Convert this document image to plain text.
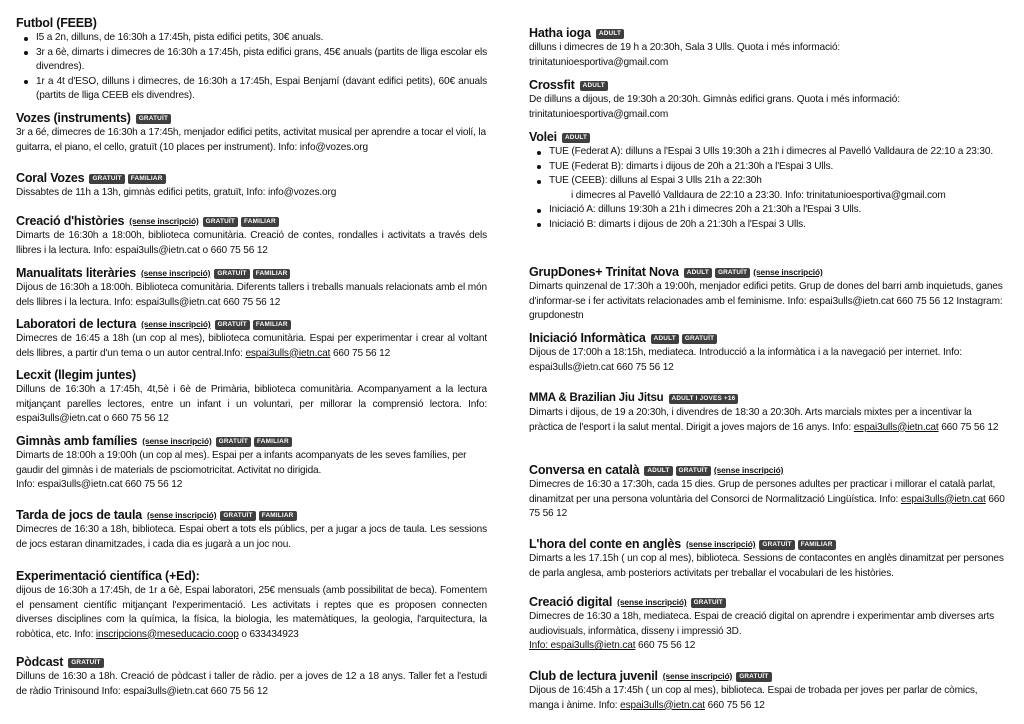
Futbol (FEEB)
I5 a 2n, dilluns, de 16:30h a 17:45h, pista edifici petits, 30€ anuals.
3r a 6è, dimarts i dimecres de 16:30h a 17:45h, pista edifici grans, 45€ anuals (partits de lliga escolar els divendres).
1r a 4t d'ESO, dilluns i dimecres, de 16:30h a 17:45h, Espai Benjamí (davant edifici petits), 60€ anuals (partits de lliga CEEB els divendres).
Vozes (instruments)	GRATUÏT
3r a 6é, dimecres de 16:30h a 17:45h, menjador edifici petits, activitat musical per aprendre a tocar el violí, la guitarra, el piano, el cello, gratuït (10 places per instrument). Info: info@vozes.org
Coral Vozes	GRATUÏT	FAMILIAR
Dissabtes de 11h a 13h, gimnàs edifici petits, gratuït, Info: info@vozes.org
Creació d'històries (sense inscripció)	GRATUÏT	FAMILIAR
Dimarts de 16:30h a 18:00h, biblioteca comunitària. Creació de contes, rondalles i activitats a través dels llibres i la lectura. Info: espai3ulls@ietn.cat o 660 75 56 12
Manualitats literàries (sense inscripció)	GRATUÏT	FAMILIAR
Dijous de 16:30h a 18:00h. Biblioteca comunitària. Diferents tallers i treballs manuals relacionats amb el món dels llibres i la lectura. Info: espai3ulls@ietn.cat 660 75 56 12
Laboratori de lectura (sense inscripció)	GRATUÏT	FAMILIAR
Dimecres de 16:45 a 18h (un cop al mes), biblioteca comunitària. Espai per experimentar i crear al voltant dels llibres, a partir d'un tema o un autor central.Info: espai3ulls@ietn.cat 660 75 56 12
Lecxit (llegim juntes)
Dilluns de 16:30h a 17:45h, 4t,5è i 6è de Primària, biblioteca comunitària. Acompanyament a la lectura mitjançant parelles lectores, entre un infant i un voluntari, per millorar la comprensió lectora. Info: espai3ulls@ietn.cat o 660 75 56 12
Gimnàs amb famílies (sense inscripció)	GRATUÏT	FAMILIAR
Dimarts de 18:00h a 19:00h (un cop al mes). Espai per a infants acompanyats de les seves famílies, per gaudir del gimnàs i de materials de psciomotricitat. Activitat no dirigida.
Info: espai3ulls@ietn.cat 660 75 56 12
Tarda de jocs de taula (sense inscripció)	GRATUÏT	FAMILIAR
Dimecres de 16:30 a 18h, biblioteca. Espai obert a tots els públics, per a jugar a jocs de taula. Les sessions de jocs estaran dinamitzades, i cada dia es jugarà a un joc nou.
Experimentació científica (+Ed):
dijous de 16:30h a 17:45h, de 1r a 6è, Espai laboratori, 25€ mensuals (amb possibilitat de beca). Fomentem el pensament científic mitjançant l'experimentació. Les activitats i reptes que es proposen connecten diverses disciplines com la química, la física, la biologia, les matemàtiques, la geologia, l'arquitectura, la robòtica, etc. Info: inscripcions@meseducacio.coop o 633434923
Pòdcast	GRATUÏT
Dilluns de 16:30 a 18h. Creació de pòdcast i taller de ràdio. per a joves de 12 a 18 anys. Taller fet a l'estudi de ràdio Trinisound Info: espai3ulls@ietn.cat 660 75 56 12
Hatha ioga	ADULT
dilluns i dimecres de 19 h a 20:30h, Sala 3 Ulls. Quota i més informació:
trinitatunioesportiva@gmail.com
Crossfit	ADULT
De dilluns a dijous, de 19:30h a 20:30h. Gimnàs edifici grans. Quota i més informació:
trinitatunioesportiva@gmail.com
Volei	ADULT
TUE (Federat A): dilluns a l'Espai 3 Ulls 19:30h a 21h i dimecres al Pavelló Valldaura de 22:10 a 23:30.
TUE (Federat B): dimarts i dijous de 20h a 21:30h a l'Espai 3 Ulls.
TUE (CEEB): dilluns al Espai 3 Ulls 21h a 22:30h
i dimecres al Pavelló Valldaura de 22:10 a 23:30. Info: trinitatunioesportiva@gmail.com
Iniciació A: dilluns 19:30h a 21h i dimecres 20h a 21:30h a l'Espai 3 Ulls.
Iniciació B: dimarts i dijous de 20h a 21:30h a l'Espai 3 Ulls.
GrupDones+ Trinitat Nova	ADULT	GRATUÏT (sense inscripció)
Dimarts quinzenal de 17:30h a 19:00h, menjador edifici petits. Grup de dones del barri amb inquietuds, ganes d'informar-se i fer activitats relacionades amb el feminisme. Info: espai3ulls@ietn.cat 660 75 56 12 Instagram: grupdonestn
Iniciació Informàtica	ADULT	GRATUÏT
Dijous de 17:00h a 18:15h, mediateca. Introducció a la informàtica i a la navegació per internet. Info: espai3ulls@ietn.cat 660 75 56 12
MMA & Brazilian Jiu Jitsu	ADULT I JOVES +16
Dimarts i dijous, de 19 a 20:30h, i divendres de 18:30 a 20:30h. Arts marcials mixtes per a incentivar la pràctica de l'esport i la salut mental. Dirigit a joves majors de 16 anys. Info: espai3ulls@ietn.cat 660 75 56 12
Conversa en català	ADULT	GRATUÏT (sense inscripció)
Dimecres de 16:30 a 17:30h, cada 15 dies. Grup de persones adultes per practicar i millorar el català parlat, dinamitzat per una persona voluntària del Consorci de Normalització Lingüística. Info: espai3ulls@ietn.cat 660 75 56 12
L'hora del conte en anglès (sense inscripció)	GRATUÏT	FAMILIAR
Dimarts a les 17.15h ( un cop al mes), biblioteca. Sessions de contacontes en anglès dinamitzat per persones de parla anglesa, amb posteriors activitats per treballar el vocabulari de les històries.
Creació digital (sense inscripció)	GRATUÏT
Dimecres de 16:30 a 18h, mediateca. Espai de creació digital on aprendre i experimentar amb diverses arts audiovisuals, informàtica, disseny i impressió 3D.
Info: espai3ulls@ietn.cat 660 75 56 12
Club de lectura juvenil (sense inscripció)	GRATUÏT
Dijous de 16:45h a 17:45h ( un cop al mes), biblioteca. Espai de trobada per joves per parlar de còmics, manga i ànime. Info: espai3ulls@ietn.cat 660 75 56 12
